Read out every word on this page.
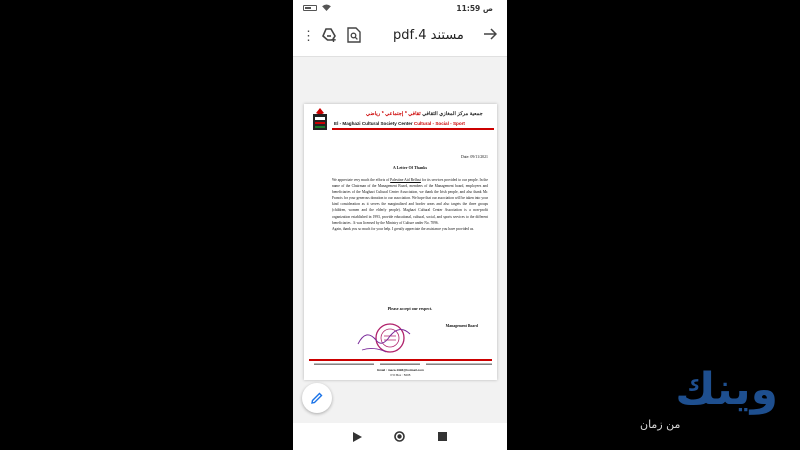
ص 11:59
⋮	مستند 4.pdf
جمعية مركز المغازي الثقافي ثقافي * إجتماعي * رياضي
El - Maghazi Cultural Society Center Cultural - Social - Sport
Date: 09/11/2021
A Letter Of Thanks
We appreciate very much the efforts of Palestine Aid Belfast for its services provided to our people. In the name of the Chairman of the Management Board, members of the Management board, employees and beneficiaries of the Maghazi Cultural Center Association, we thank the Irish people, and also thank Mr. Francis for your generous donation to our association. We hope that our association will be taken into your kind consideration as it serves the marginalized and border areas and also targets the three groups (children, women and the elderly people). Maghazi Cultural Center Association is a non-profit organization established in 1993, provide educational, cultural, social, and sports services to the different beneficiaries . It was licensed by the Ministry of Culture under No. 7096.
Again, thank you so much for your help. I greatly appreciate the assistance you have provided us.
Please accept our respect.
Management Board
Email : maca-1993@hotmail.com
P.O Box : 5005	وينك
من زمان
